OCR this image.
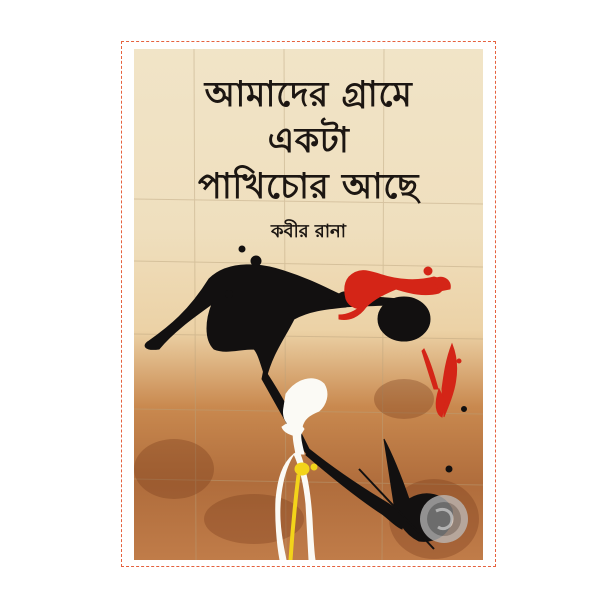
আমাদের গ্রামে
একটা
পাখিচোর আছে
কবীর রানা
